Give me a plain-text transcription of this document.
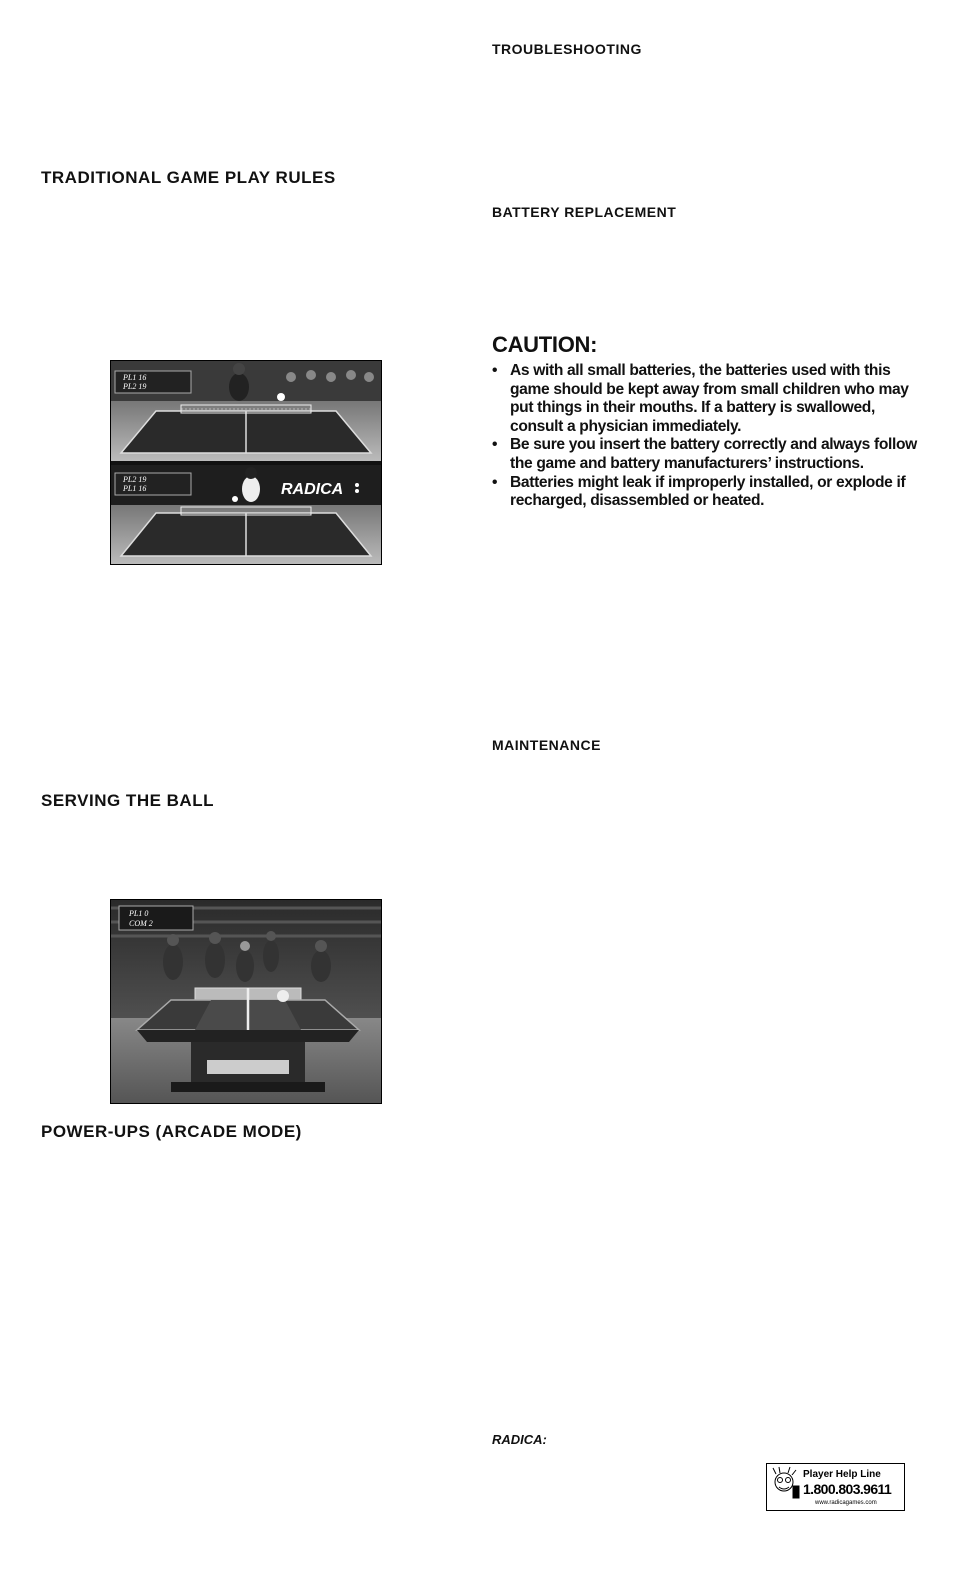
TRADITIONAL GAME PLAY RULES
PL1 16
PL2 19
PL2 19
PL1 16	RADICA
SERVING THE BALL
PL1 0
COM 2
POWER-UPS (ARCADE MODE)
TROUBLESHOOTING
BATTERY REPLACEMENT
CAUTION:
• As with all small batteries, the batteries used with this game should be kept away from small children who may put things in their mouths. If a battery is swallowed, consult a physician immediately.
• Be sure you insert the battery correctly and always follow the game and battery manufacturers’ instructions.
• Batteries might leak if improperly installed, or explode if recharged, disassembled or heated.
MAINTENANCE
RADICA:
Player Help Line
1.800.803.9611
www.radicagames.com
